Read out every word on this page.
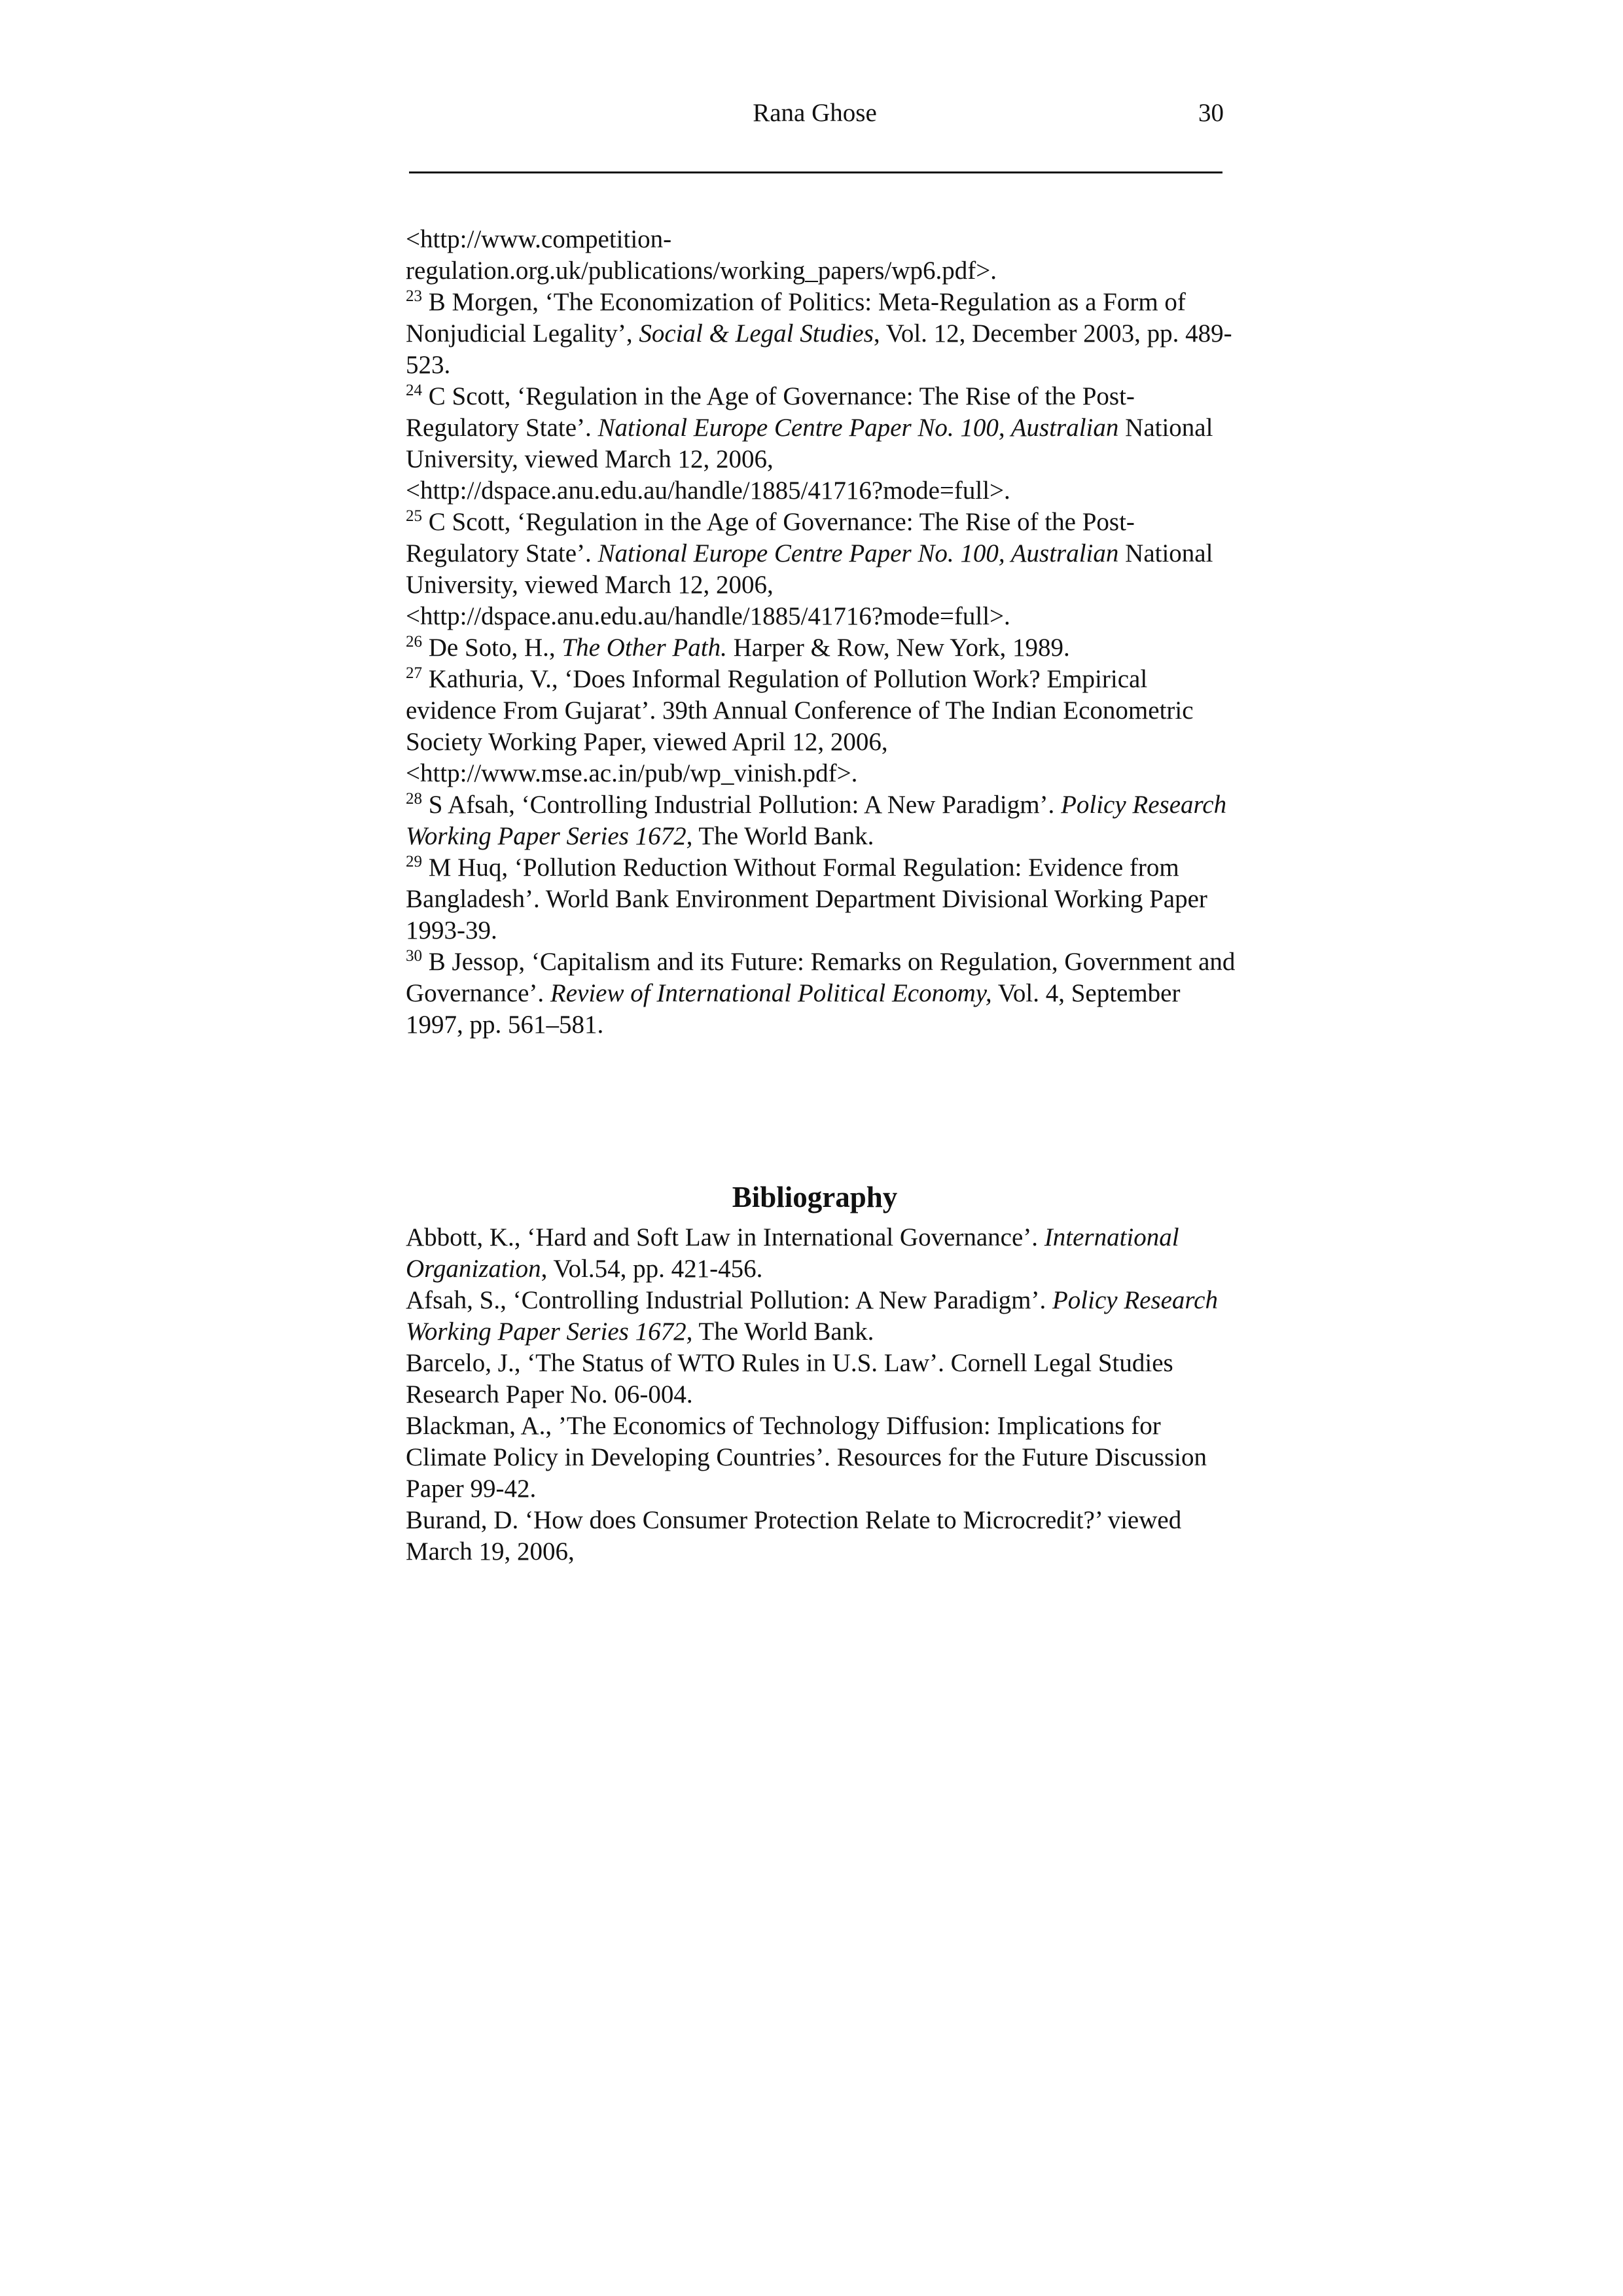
Rana Ghose	30

<http://www.competition-
regulation.org.uk/publications/working_papers/wp6.pdf>.

$^{23}$ B Morgen, ‘The Economization of Politics: Meta-Regulation as a Form of Nonjudicial Legality’, Social & Legal Studies, Vol. 12, December 2003, pp. 489-523.

$^{24}$ C Scott, ‘Regulation in the Age of Governance: The Rise of the Post-Regulatory State’. National Europe Centre Paper No. 100, Australian National University, viewed March 12, 2006,
<http://dspace.anu.edu.au/handle/1885/41716?mode=full>.

$^{25}$ C Scott, ‘Regulation in the Age of Governance: The Rise of the Post-Regulatory State’. National Europe Centre Paper No. 100, Australian National University, viewed March 12, 2006,
<http://dspace.anu.edu.au/handle/1885/41716?mode=full>.

$^{26}$ De Soto, H., The Other Path. Harper & Row, New York, 1989.

$^{27}$ Kathuria, V., ‘Does Informal Regulation of Pollution Work? Empirical evidence From Gujarat’. 39th Annual Conference of The Indian Econometric Society Working Paper, viewed April 12, 2006,
<http://www.mse.ac.in/pub/wp_vinish.pdf>.

$^{28}$ S Afsah, ‘Controlling Industrial Pollution: A New Paradigm’. Policy Research Working Paper Series 1672, The World Bank.

$^{29}$ M Huq, ‘Pollution Reduction Without Formal Regulation: Evidence from Bangladesh’. World Bank Environment Department Divisional Working Paper 1993-39.

$^{30}$ B Jessop, ‘Capitalism and its Future: Remarks on Regulation, Government and Governance’. Review of International Political Economy, Vol. 4, September 1997, pp. 561–581.

Bibliography

Abbott, K., ‘Hard and Soft Law in International Governance’. International Organization, Vol.54, pp. 421-456.

Afsah, S., ‘Controlling Industrial Pollution: A New Paradigm’. Policy Research Working Paper Series 1672, The World Bank.

Barcelo, J., ‘The Status of WTO Rules in U.S. Law’. Cornell Legal Studies Research Paper No. 06-004.

Blackman, A., ’The Economics of Technology Diffusion: Implications for Climate Policy in Developing Countries’. Resources for the Future Discussion Paper 99-42.

Burand, D. ‘How does Consumer Protection Relate to Microcredit?’ viewed March 19, 2006,
